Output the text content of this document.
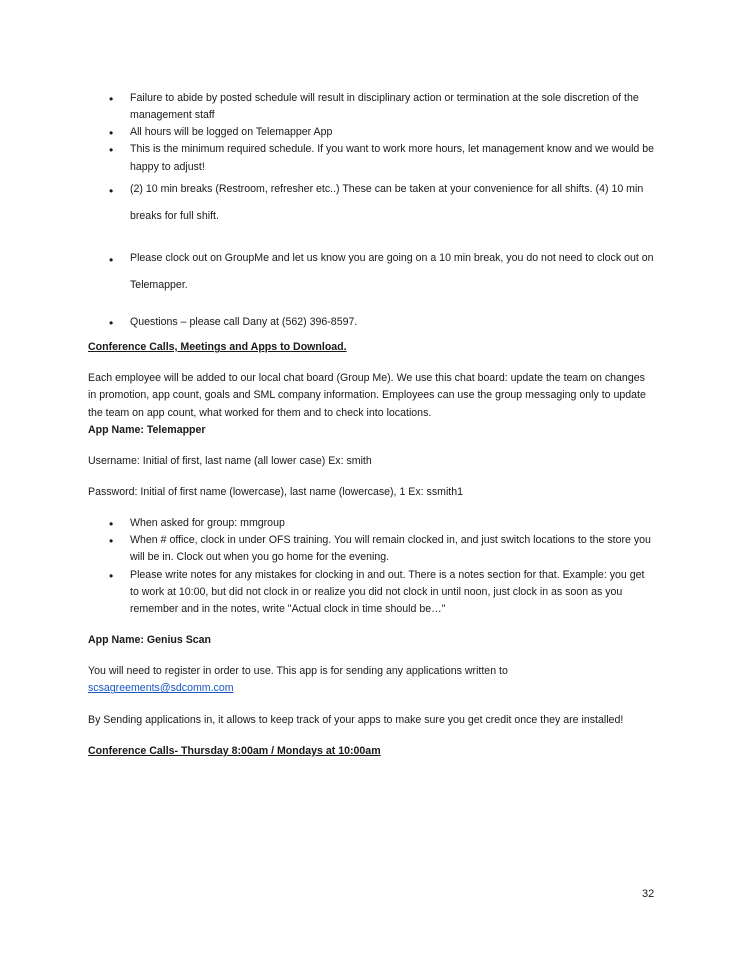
• Failure to abide by posted schedule will result in disciplinary action or termination at the sole discretion of the management staff
• All hours will be logged on Telemapper App
• This is the minimum required schedule. If you want to work more hours, let management know and we would be happy to adjust!
• (2) 10 min breaks (Restroom, refresher etc..) These can be taken at your convenience for all shifts. (4) 10 min breaks for full shift.
• Please clock out on GroupMe and let us know you are going on a 10 min break, you do not need to clock out on Telemapper.
• Questions – please call Dany at (562) 396-8597.

Conference Calls, Meetings and Apps to Download.

Each employee will be added to our local chat board (Group Me). We use this chat board: update the team on changes in promotion, app count, goals and SML company information. Employees can use the group messaging only to update the team on app count, what worked for them and to check into locations.

App Name: Telemapper

Username: Initial of first, last name (all lower case) Ex: smith

Password: Initial of first name (lowercase), last name (lowercase), 1 Ex: ssmith1

• When asked for group: mmgroup
• When # office, clock in under OFS training. You will remain clocked in, and just switch locations to the store you will be in. Clock out when you go home for the evening.
• Please write notes for any mistakes for clocking in and out. There is a notes section for that. Example: you get to work at 10:00, but did not clock in or realize you did not clock in until noon, just clock in as soon as you remember and in the notes, write "Actual clock in time should be…"

App Name: Genius Scan

You will need to register in order to use. This app is for sending any applications written to
scsagreements@sdcomm.com

By Sending applications in, it allows to keep track of your apps to make sure you get credit once they are installed!

Conference Calls- Thursday 8:00am / Mondays at 10:00am

32
